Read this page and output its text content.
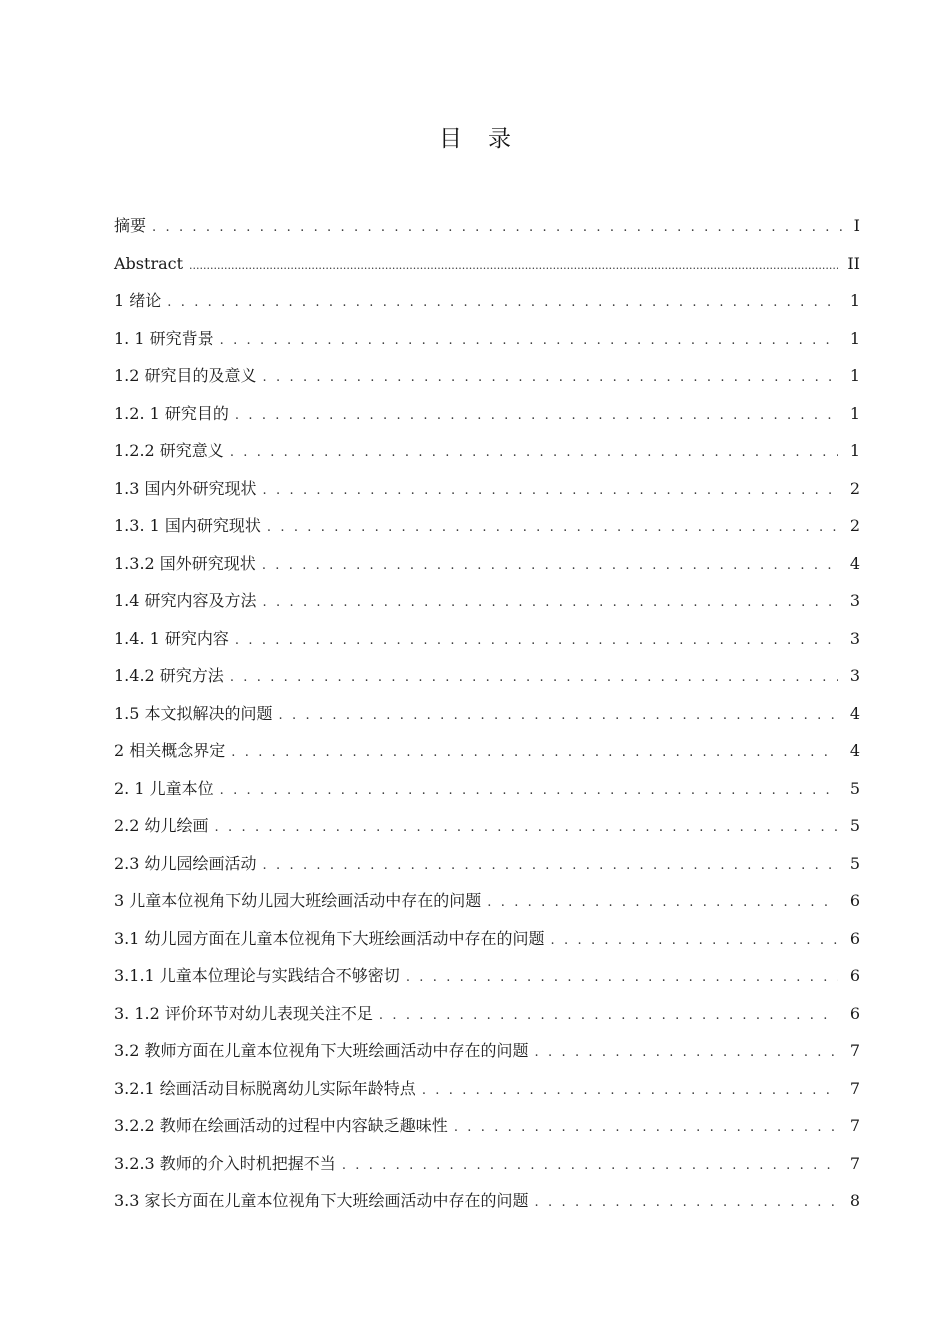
目 录
摘要 . . .	I
Abstract .....	II
1 绪论 . . .	1
1. 1 研究背景 . . .	1
1.2 研究目的及意义 . . .	1
1.2. 1 研究目的 . . .	1
1.2.2 研究意义 . . .	1
1.3 国内外研究现状 . . .	2
1.3. 1 国内研究现状 . . .	2
1.3.2 国外研究现状 . . .	4
1.4 研究内容及方法 . . .	3
1.4. 1 研究内容 . . .	3
1.4.2 研究方法 . . .	3
1.5 本文拟解决的问题 . . .	4
2 相关概念界定 . . .	4
2. 1 儿童本位 . . .	5
2.2 幼儿绘画 . . .	5
2.3 幼儿园绘画活动 . . .	5
3 儿童本位视角下幼儿园大班绘画活动中存在的问题 . . .	6
3.1 幼儿园方面在儿童本位视角下大班绘画活动中存在的问题 . . .	6
3.1.1 儿童本位理论与实践结合不够密切 . . .	6
3. 1.2 评价环节对幼儿表现关注不足 . . .	6
3.2 教师方面在儿童本位视角下大班绘画活动中存在的问题 . . .	7
3.2.1 绘画活动目标脱离幼儿实际年龄特点 . . .	7
3.2.2 教师在绘画活动的过程中内容缺乏趣味性 . . .	7
3.2.3 教师的介入时机把握不当 . . .	7
3.3 家长方面在儿童本位视角下大班绘画活动中存在的问题 . . .	8
